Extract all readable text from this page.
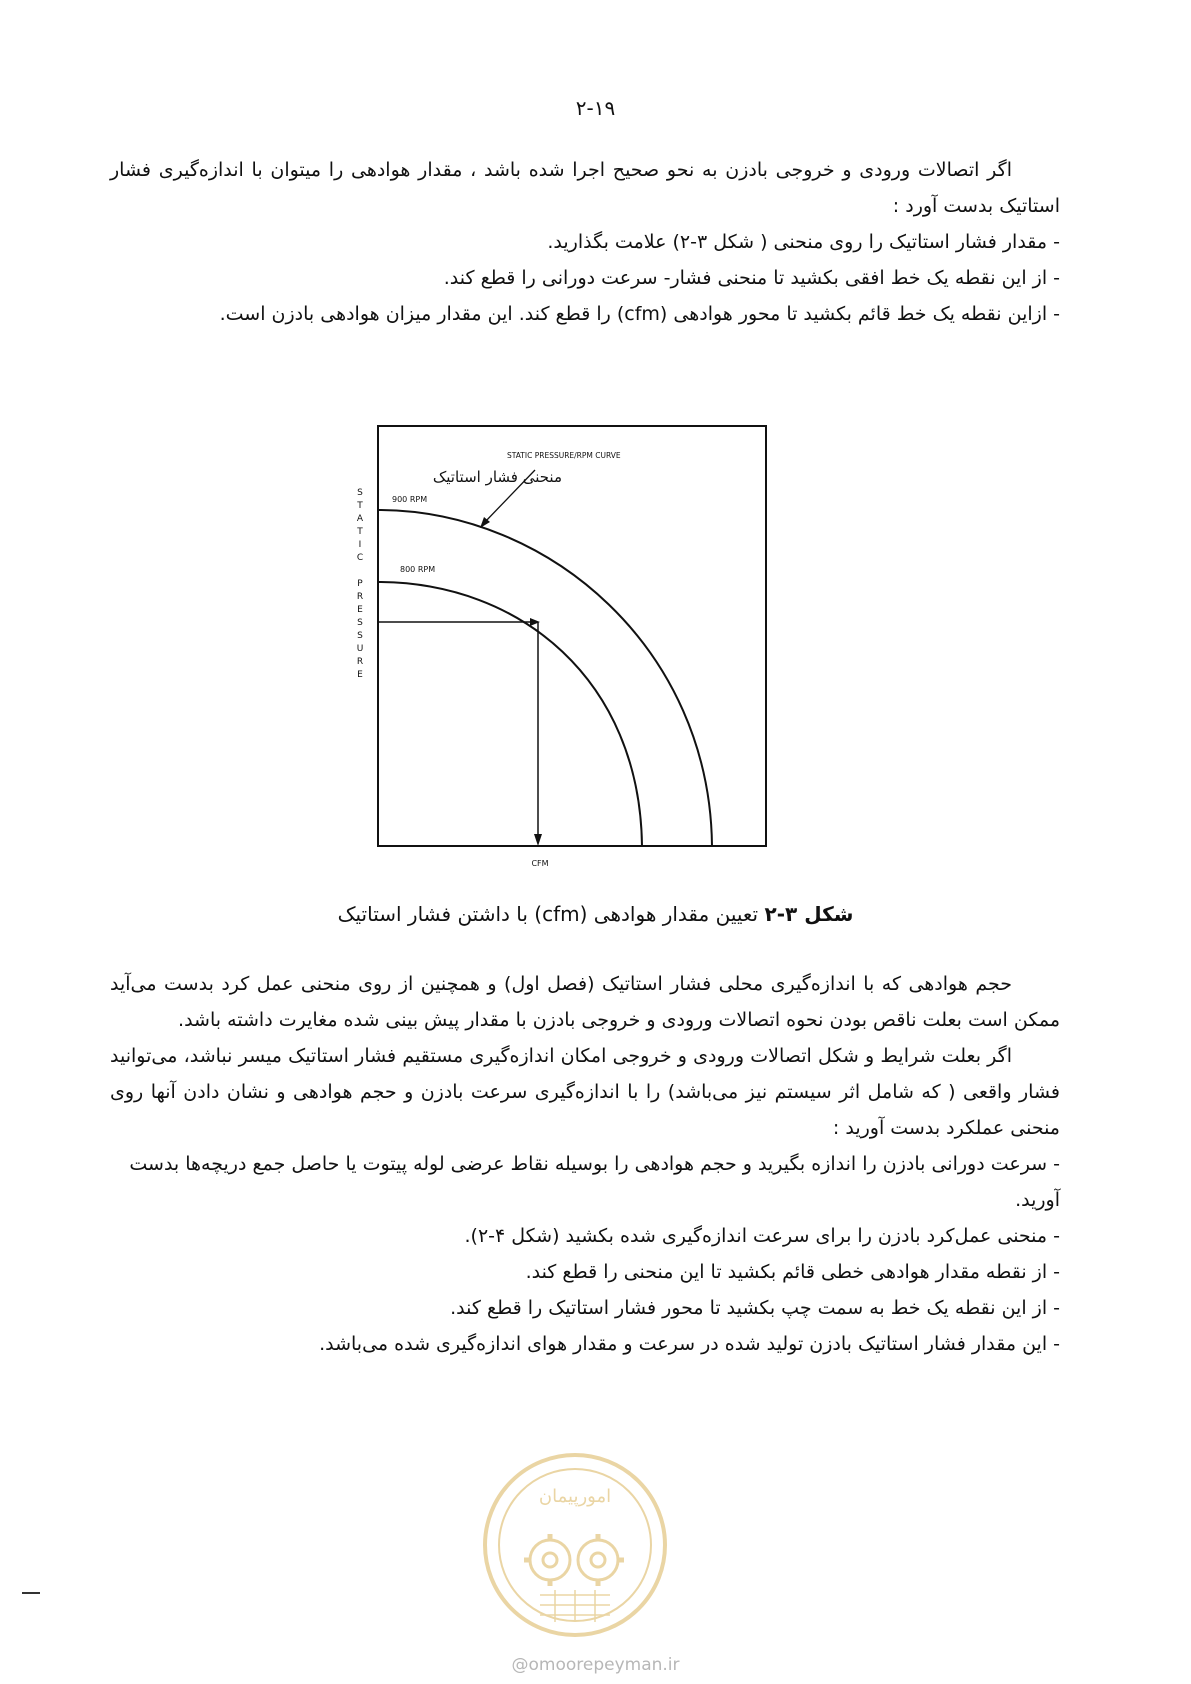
۲-۱۹

اگر اتصالات ورودی و خروجی بادزن به نحو صحیح اجرا شده باشد ، مقدار هوادهی را میتوان با اندازه‌گیری فشار استاتیک بدست آورد :

- مقدار فشار استاتیک را روی منحنی ( شکل ۳-۲) علامت بگذارید.

- از این نقطه یک خط افقی بکشید تا منحنی فشار- سرعت دورانی را قطع کند.

- ازاین نقطه یک خط قائم بکشید تا محور هوادهی (cfm) را قطع کند. این مقدار میزان هوادهی بادزن است.

S
T
A
T
I
C
P
R
E
S
S
U
R
E
900 RPM
800 RPM
STATIC PRESSURE/RPM CURVE
منحنی فشار استاتیک
CFM
شکل ۳-۲ تعیین مقدار هوادهی (cfm) با داشتن فشار استاتیک

حجم هوادهی که با اندازه‌گیری محلی فشار استاتیک (فصل اول) و همچنین از روی منحنی عمل کرد بدست می‌آید ممکن است بعلت ناقص بودن نحوه اتصالات ورودی و خروجی بادزن با مقدار پیش بینی شده مغایرت داشته باشد.

اگر بعلت شرایط و شکل اتصالات ورودی و خروجی امکان اندازه‌گیری مستقیم فشار استاتیک میسر نباشد، می‌توانید فشار واقعی ( که شامل اثر سیستم نیز می‌باشد) را با اندازه‌گیری سرعت بادزن و حجم هوادهی و نشان دادن آنها روی منحنی عملکرد بدست آورید :

- سرعت دورانی بادزن را اندازه بگیرید و حجم هوادهی را بوسیله نقاط عرضی لوله پیتوت یا حاصل جمع دریچه‌ها بدست آورید.

- منحنی عمل‌کرد بادزن را برای سرعت اندازه‌گیری شده بکشید (شکل ۴-۲).

- از نقطه مقدار هوادهی خطی قائم بکشید تا این منحنی را قطع کند.

- از این نقطه یک خط به سمت چپ بکشید تا محور فشار استاتیک را قطع کند.

- این مقدار فشار استاتیک بادزن تولید شده در سرعت و مقدار هوای اندازه‌گیری شده می‌باشد.

امورپیمان
@omoorepeyman.ir
